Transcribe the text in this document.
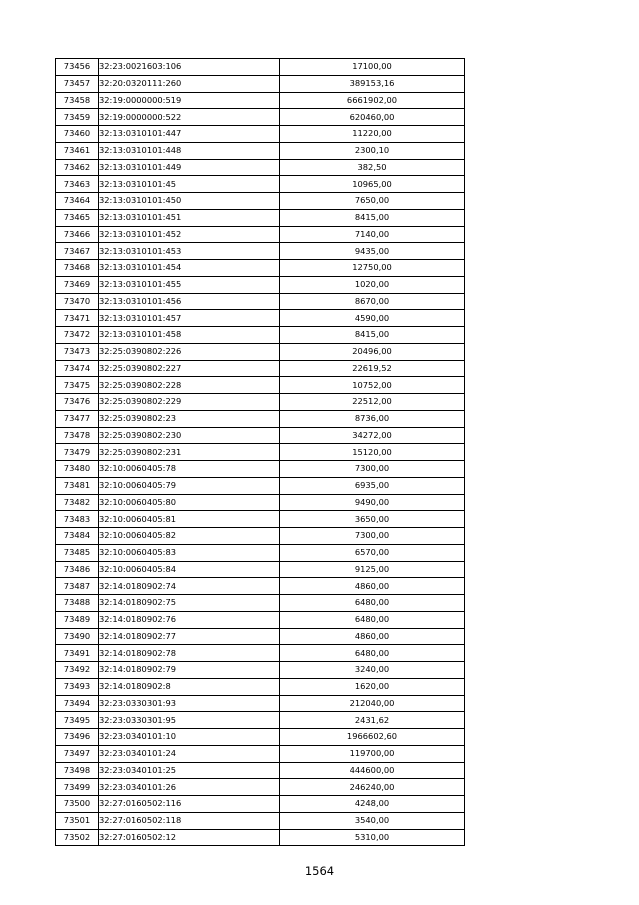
73456	32:23:0021603:106	17100,00
73457	32:20:0320111:260	389153,16
73458	32:19:0000000:519	6661902,00
73459	32:19:0000000:522	620460,00
73460	32:13:0310101:447	11220,00
73461	32:13:0310101:448	2300,10
73462	32:13:0310101:449	382,50
73463	32:13:0310101:45	10965,00
73464	32:13:0310101:450	7650,00
73465	32:13:0310101:451	8415,00
73466	32:13:0310101:452	7140,00
73467	32:13:0310101:453	9435,00
73468	32:13:0310101:454	12750,00
73469	32:13:0310101:455	1020,00
73470	32:13:0310101:456	8670,00
73471	32:13:0310101:457	4590,00
73472	32:13:0310101:458	8415,00
73473	32:25:0390802:226	20496,00
73474	32:25:0390802:227	22619,52
73475	32:25:0390802:228	10752,00
73476	32:25:0390802:229	22512,00
73477	32:25:0390802:23	8736,00
73478	32:25:0390802:230	34272,00
73479	32:25:0390802:231	15120,00
73480	32:10:0060405:78	7300,00
73481	32:10:0060405:79	6935,00
73482	32:10:0060405:80	9490,00
73483	32:10:0060405:81	3650,00
73484	32:10:0060405:82	7300,00
73485	32:10:0060405:83	6570,00
73486	32:10:0060405:84	9125,00
73487	32:14:0180902:74	4860,00
73488	32:14:0180902:75	6480,00
73489	32:14:0180902:76	6480,00
73490	32:14:0180902:77	4860,00
73491	32:14:0180902:78	6480,00
73492	32:14:0180902:79	3240,00
73493	32:14:0180902:8	1620,00
73494	32:23:0330301:93	212040,00
73495	32:23:0330301:95	2431,62
73496	32:23:0340101:10	1966602,60
73497	32:23:0340101:24	119700,00
73498	32:23:0340101:25	444600,00
73499	32:23:0340101:26	246240,00
73500	32:27:0160502:116	4248,00
73501	32:27:0160502:118	3540,00
73502	32:27:0160502:12	5310,00
1564
